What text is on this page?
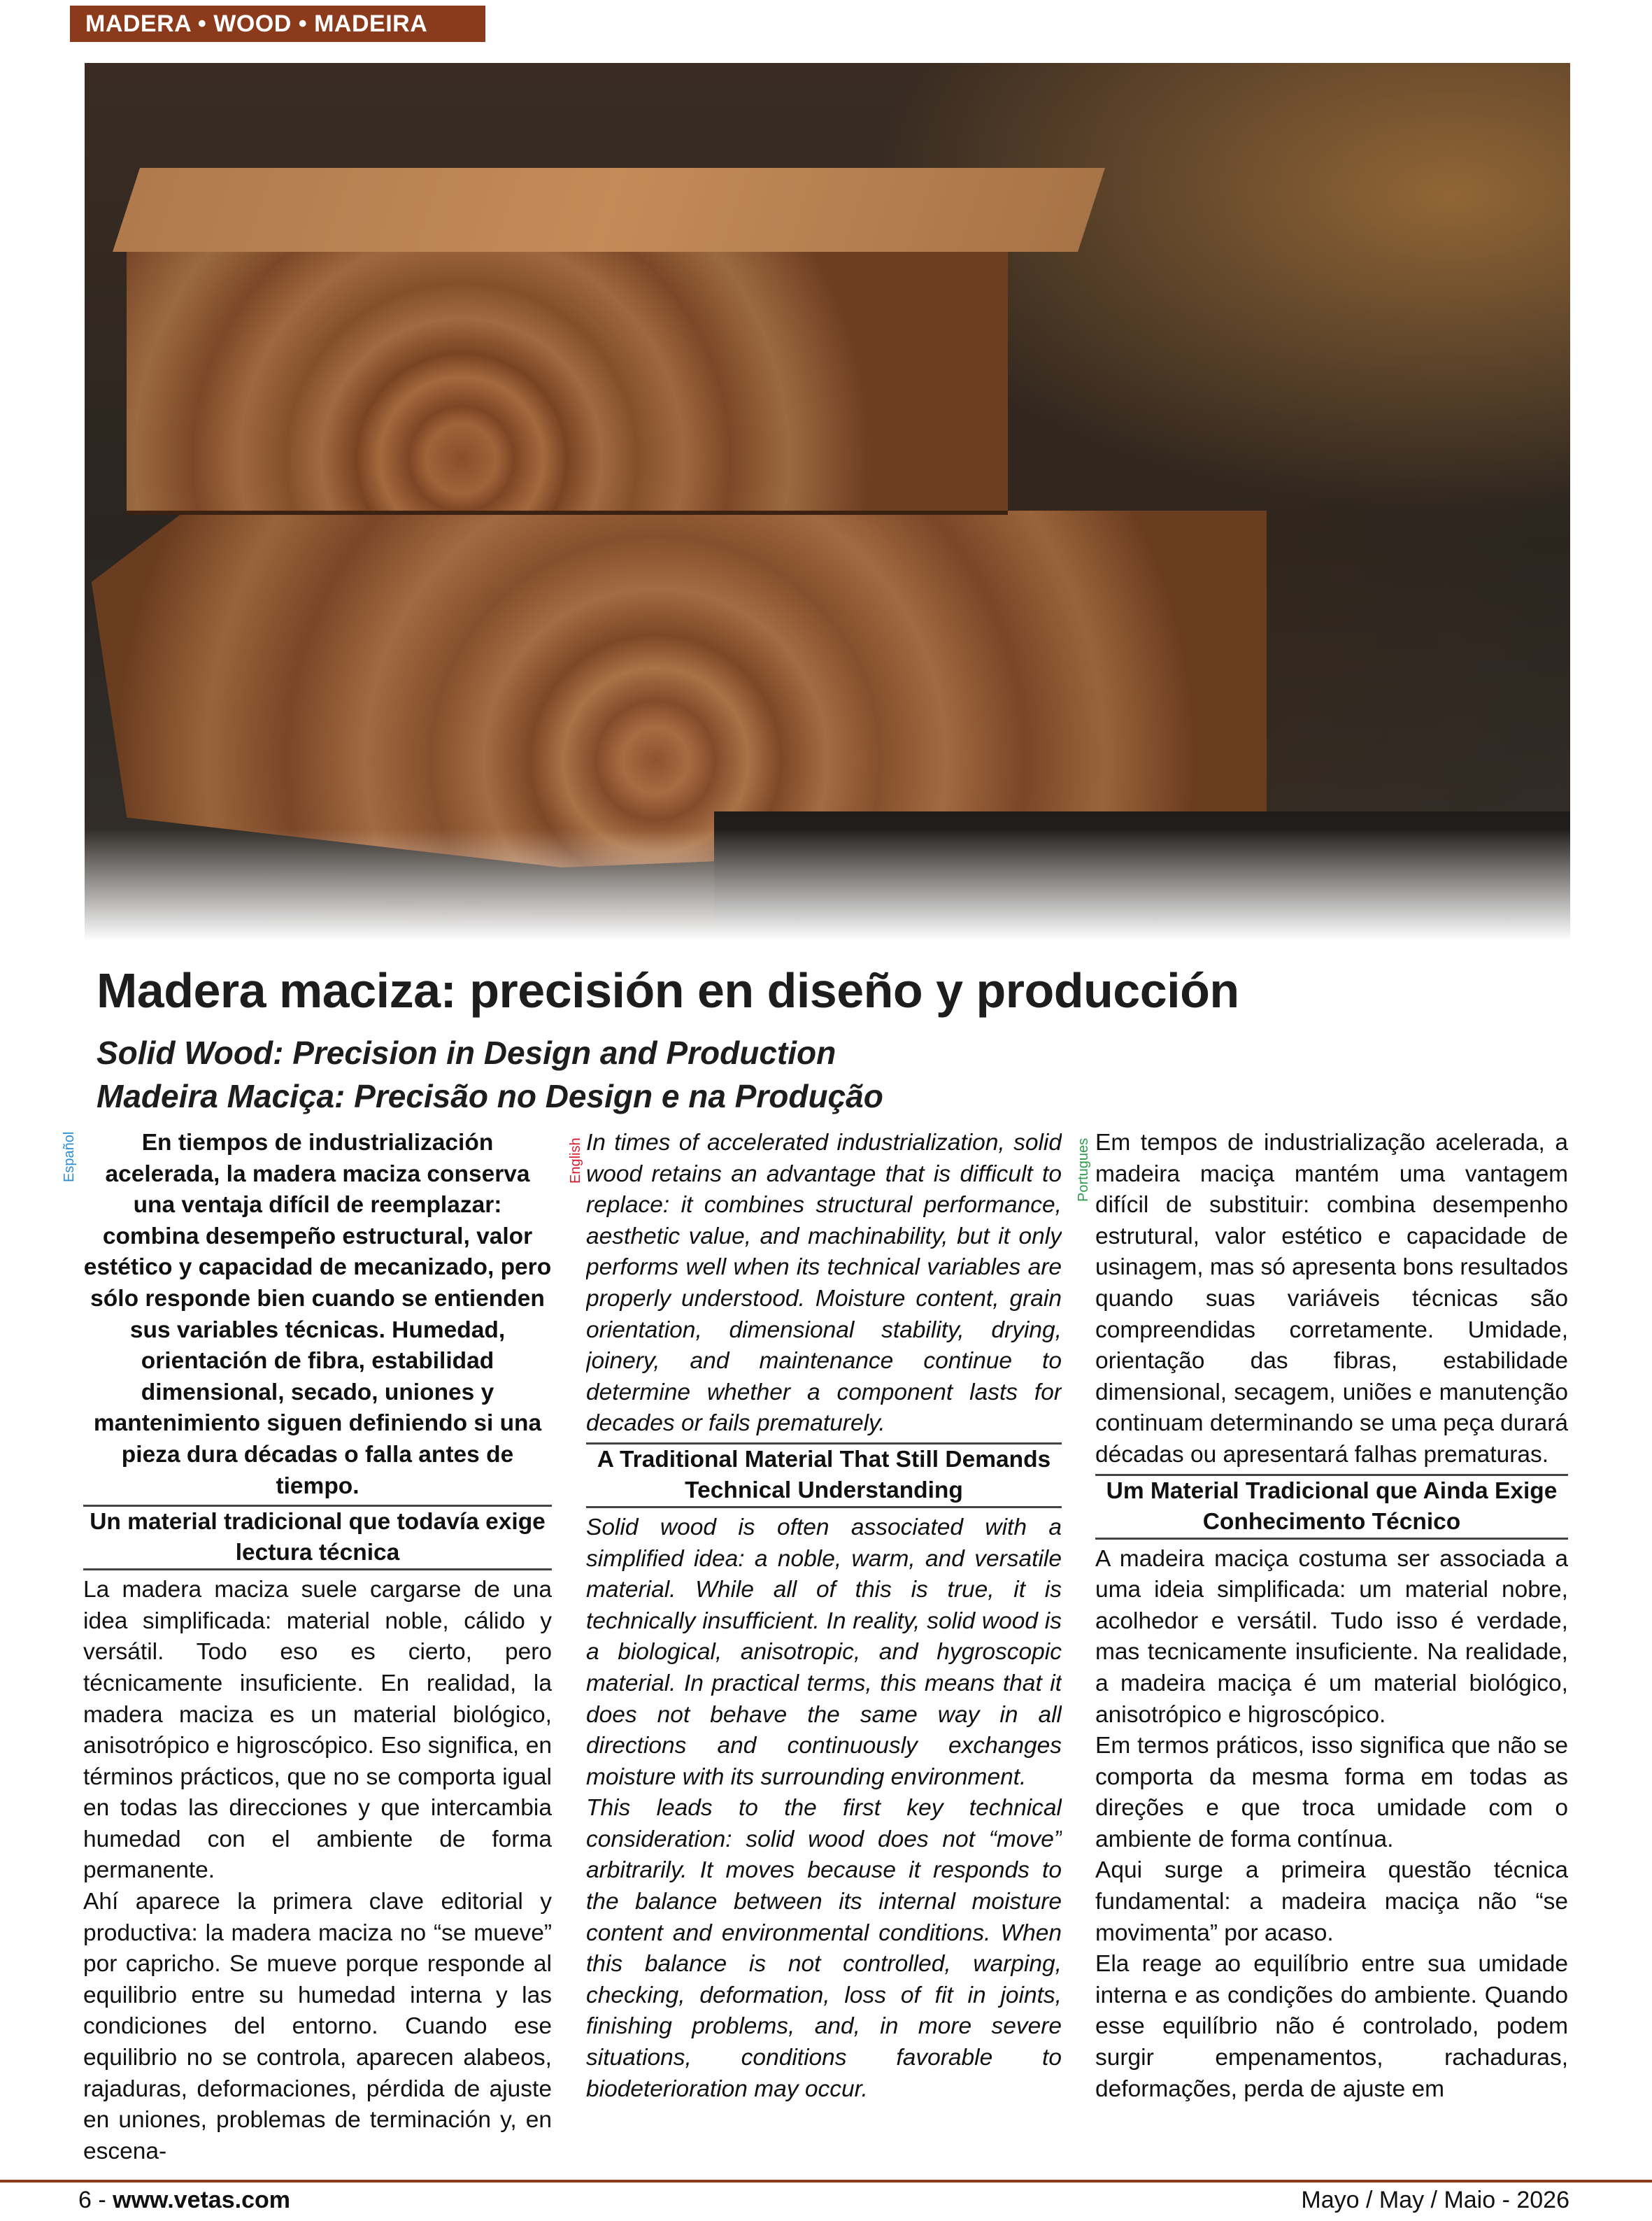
MADERA • WOOD • MADEIRA
Madera maciza: precisión en diseño y producción
Solid Wood: Precision in Design and Production
Madeira Maciça: Precisão no Design e na Produção
Español	English	Portugues

En tiempos de industrialización acelerada, la madera maciza conserva una ventaja difícil de reemplazar: combina desempeño estructural, valor estético y capacidad de mecanizado, pero sólo responde bien cuando se entienden sus variables técnicas. Humedad, orientación de fibra, estabilidad dimensional, secado, uniones y mantenimiento siguen definiendo si una pieza dura décadas o falla antes de tiempo.

Un material tradicional que todavía exige lectura técnica

La madera maciza suele cargarse de una idea simplificada: material noble, cálido y versátil. Todo eso es cierto, pero técnicamente insuficiente. En realidad, la madera maciza es un material biológico, anisotrópico e higroscópico. Eso significa, en términos prácticos, que no se comporta igual en todas las direcciones y que intercambia humedad con el ambiente de forma permanente.

Ahí aparece la primera clave editorial y productiva: la madera maciza no “se mueve” por capricho. Se mueve porque responde al equilibrio entre su humedad interna y las condiciones del entorno. Cuando ese equilibrio no se controla, aparecen alabeos, rajaduras, deformaciones, pérdida de ajuste en uniones, problemas de terminación y, en escena-

In times of accelerated industrialization, solid wood retains an advantage that is difficult to replace: it combines structural performance, aesthetic value, and machinability, but it only performs well when its technical variables are properly understood. Moisture content, grain orientation, dimensional stability, drying, joinery, and maintenance continue to determine whether a component lasts for decades or fails prematurely.

A Traditional Material That Still Demands Technical Understanding

Solid wood is often associated with a simplified idea: a noble, warm, and versatile material. While all of this is true, it is technically insufficient. In reality, solid wood is a biological, anisotropic, and hygroscopic material. In practical terms, this means that it does not behave the same way in all directions and continuously exchanges moisture with its surrounding environment.

This leads to the first key technical consideration: solid wood does not “move” arbitrarily. It moves because it responds to the balance between its internal moisture content and environmental conditions. When this balance is not controlled, warping, checking, deformation, loss of fit in joints, finishing problems, and, in more severe situations, conditions favorable to biodeterioration may occur.

Em tempos de industrialização acelerada, a madeira maciça mantém uma vantagem difícil de substituir: combina desempenho estrutural, valor estético e capacidade de usinagem, mas só apresenta bons resultados quando suas variáveis técnicas são compreendidas corretamente. Umidade, orientação das fibras, estabilidade dimensional, secagem, uniões e manutenção continuam determinando se uma peça durará décadas ou apresentará falhas prematuras.

Um Material Tradicional que Ainda Exige Conhecimento Técnico

A madeira maciça costuma ser associada a uma ideia simplificada: um material nobre, acolhedor e versátil. Tudo isso é verdade, mas tecnicamente insuficiente. Na realidade, a madeira maciça é um material biológico, anisotrópico e higroscópico.

Em termos práticos, isso significa que não se comporta da mesma forma em todas as direções e que troca umidade com o ambiente de forma contínua.

Aqui surge a primeira questão técnica fundamental: a madeira maciça não “se movimenta” por acaso.

Ela reage ao equilíbrio entre sua umidade interna e as condições do ambiente. Quando esse equilíbrio não é controlado, podem surgir empenamentos, rachaduras, deformações, perda de ajuste em

6 - www.vetas.com	Mayo / May / Maio - 2026
